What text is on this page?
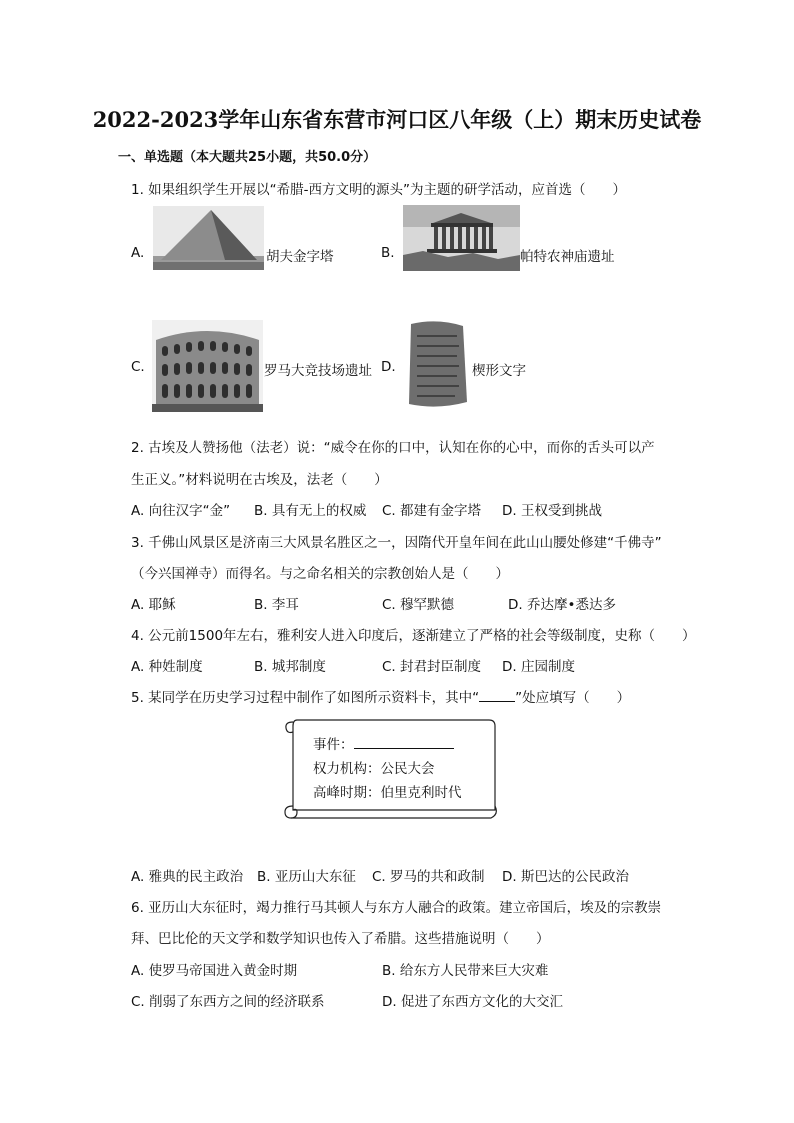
2022-2023学年山东省东营市河口区八年级（上）期末历史试卷
一、单选题（本大题共25小题，共50.0分）
1. 如果组织学生开展以“希腊-西方文明的源头”为主题的研学活动，应首选（　　）
A.	胡夫金字塔	B.	帕特农神庙遗址
C.	罗马大竞技场遗址 D.	楔形文字
2. 古埃及人赞扬他（法老）说：“威令在你的口中，认知在你的心中，而你的舌头可以产
生正义。”材料说明在古埃及，法老（　　）
A. 向往汉字“金” B. 具有无上的权威 C. 都建有金字塔 D. 王权受到挑战
3. 千佛山风景区是济南三大风景名胜区之一，因隋代开皇年间在此山山腰处修建“千佛寺”
（今兴国禅寺）而得名。与之命名相关的宗教创始人是（　　）
A. 耶稣	B. 李耳	C. 穆罕默德	D. 乔达摩•悉达多
4. 公元前1500年左右，雅利安人进入印度后，逐渐建立了严格的社会等级制度，史称（　　）
A. 种姓制度	B. 城邦制度	C. 封君封臣制度 D. 庄园制度
5. 某同学在历史学习过程中制作了如图所示资料卡，其中“	”处应填写（　　）
事件：
权力机构：公民大会
高峰时期：伯里克利时代
A. 雅典的民主政治 B. 亚历山大东征 C. 罗马的共和政制 D. 斯巴达的公民政治
6. 亚历山大东征时，竭力推行马其顿人与东方人融合的政策。建立帝国后，埃及的宗教崇
拜、巴比伦的天文学和数学知识也传入了希腊。这些措施说明（　　）
A. 使罗马帝国进入黄金时期	B. 给东方人民带来巨大灾难
C. 削弱了东西方之间的经济联系	D. 促进了东西方文化的大交汇
